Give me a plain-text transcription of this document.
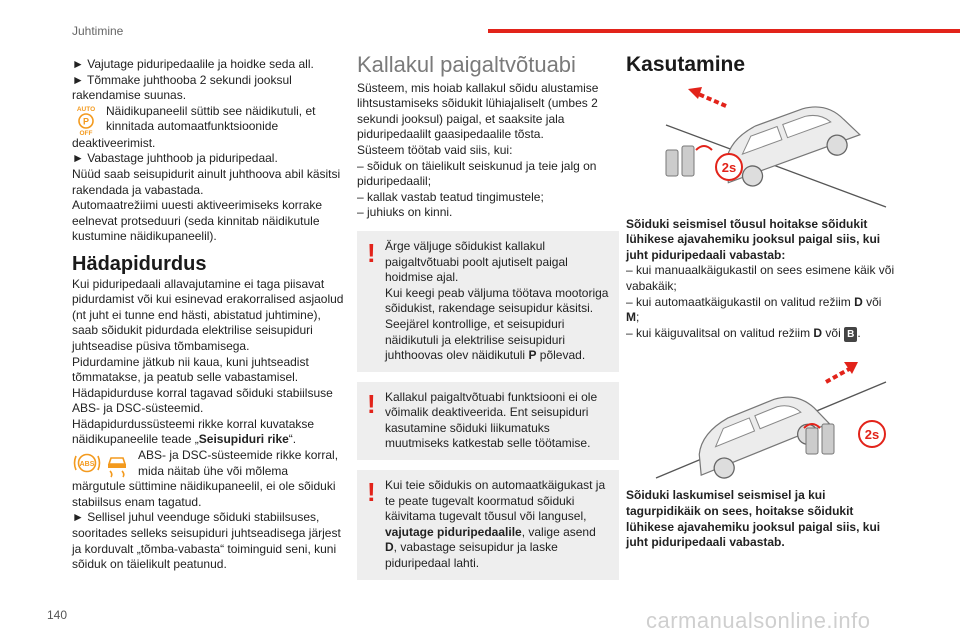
Juhtimine

► Vajutage piduripedaalile ja hoidke seda all.

► Tõmmake juhthooba 2 sekundi jooksul rakendamise suunas.

AUTO
P
OFF
Näidikupaneelil süttib see näidikutuli, et kinnitada automaatfunktsioonide

deaktiveerimist.

► Vabastage juhthoob ja piduripedaal.

Nüüd saab seisupidurit ainult juhthoova abil käsitsi rakendada ja vabastada.

Automaatrežiimi uuesti aktiveerimiseks korrake eelnevat protseduuri (seda kinnitab näidikutule kustumine näidikupaneelil).

Hädapidurdus

Kui piduripedaali allavajutamine ei taga piisavat pidurdamist või kui esinevad erakorralised asjaolud (nt juht ei tunne end hästi, abistatud juhtimine), saab sõidukit pidurdada elektrilise seisupiduri juhtseadise püsiva tõmbamisega.

Pidurdamine jätkub nii kaua, kuni juhtseadist tõmmatakse, ja peatub selle vabastamisel.

Hädapidurduse korral tagavad sõiduki stabiilsuse ABS- ja DSC-süsteemid.

Hädapidurdussüsteemi rikke korral kuvatakse näidikupaneelile teade „Seisupiduri rike“.

ABS
ABS- ja DSC-süsteemide rikke korral, mida näitab ühe või mõlema

märgutule süttimine näidikupaneelil, ei ole sõiduki stabiilsus enam tagatud.

► Sellisel juhul veenduge sõiduki stabiilsuses, sooritades selleks seisupiduri juhtseadisega järjest ja korduvalt „tõmba-vabasta“ toiminguid seni, kuni sõiduk on täielikult peatunud.

Kallakul paigaltvõtuabi

Süsteem, mis hoiab kallakul sõidu alustamise lihtsustamiseks sõidukit lühiajaliselt (umbes 2 sekundi jooksul) paigal, et saaksite jala piduripedaalilt gaasipedaalile tõsta.

Süsteem töötab vaid siis, kui:

– sõiduk on täielikult seiskunud ja teie jalg on piduripedaalil;

– kallak vastab teatud tingimustele;

– juhiuks on kinni.

! Ärge väljuge sõidukist kallakul paigaltvõtuabi poolt ajutiselt paigal hoidmise ajal.

Kui keegi peab väljuma töötava mootoriga sõidukist, rakendage seisupidur käsitsi.

Seejärel kontrollige, et seisupiduri näidikutuli ja elektrilise seisupiduri juhthoovas olev näidikutuli P põlevad.

! Kallakul paigaltvõtuabi funktsiooni ei ole võimalik deaktiveerida. Ent seisupiduri kasutamine sõiduki liikumatuks muutmiseks katkestab selle töötamise.

! Kui teie sõidukis on automaatkäigukast ja te peate tugevalt koormatud sõiduki käivitama tugevalt tõusul või langusel, vajutage piduripedaalile, valige asend D, vabastage seisupidur ja laske piduripedaal lahti.

Kasutamine
2s

Sõiduki seismisel tõusul hoitakse sõidukit lühikese ajavahemiku jooksul paigal siis, kui juht piduripedaali vabastab:

– kui manuaalkäigukastil on sees esimene käik või vabakäik;

– kui automaatkäigukastil on valitud režiim D või M;

– kui käiguvalitsal on valitud režiim D või B .

2s

Sõiduki laskumisel seismisel ja kui tagurpidikäik on sees, hoitakse sõidukit lühikese ajavahemiku jooksul paigal siis, kui juht piduripedaali vabastab.

140	carmanualsonline.info
